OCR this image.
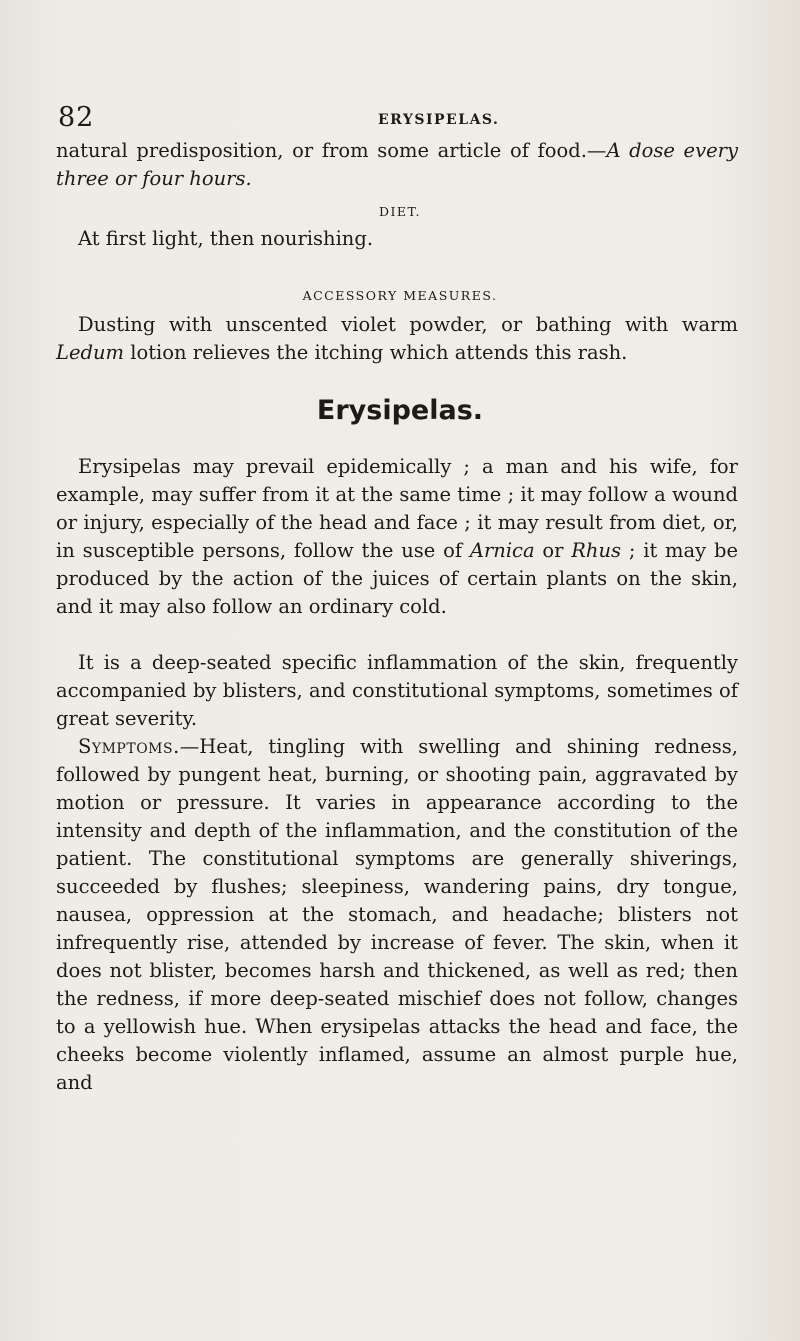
82	ERYSIPELAS.

natural predisposition, or from some article of food.—A dose every three or four hours.

DIET.

At first light, then nourishing.

ACCESSORY MEASURES.

Dusting with unscented violet powder, or bathing with warm Ledum lotion relieves the itching which attends this rash.

Erysipelas.

Erysipelas may prevail epidemically ; a man and his wife, for example, may suffer from it at the same time ; it may follow a wound or injury, especially of the head and face ; it may result from diet, or, in susceptible persons, follow the use of Arnica or Rhus ; it may be produced by the action of the juices of certain plants on the skin, and it may also follow an ordinary cold.

It is a deep-seated specific inflammation of the skin, frequently accompanied by blisters, and constitutional symptoms, sometimes of great severity.

Symptoms.—Heat, tingling with swelling and shining redness, followed by pungent heat, burning, or shooting pain, aggravated by motion or pressure. It varies in appearance according to the intensity and depth of the inflammation, and the constitution of the patient. The constitutional symptoms are generally shiverings, succeeded by flushes; sleepiness, wandering pains, dry tongue, nausea, oppression at the stomach, and headache; blisters not infrequently rise, attended by increase of fever. The skin, when it does not blister, becomes harsh and thickened, as well as red; then the redness, if more deep-seated mischief does not follow, changes to a yellowish hue. When erysipelas attacks the head and face, the cheeks become violently inflamed, assume an almost purple hue, and
